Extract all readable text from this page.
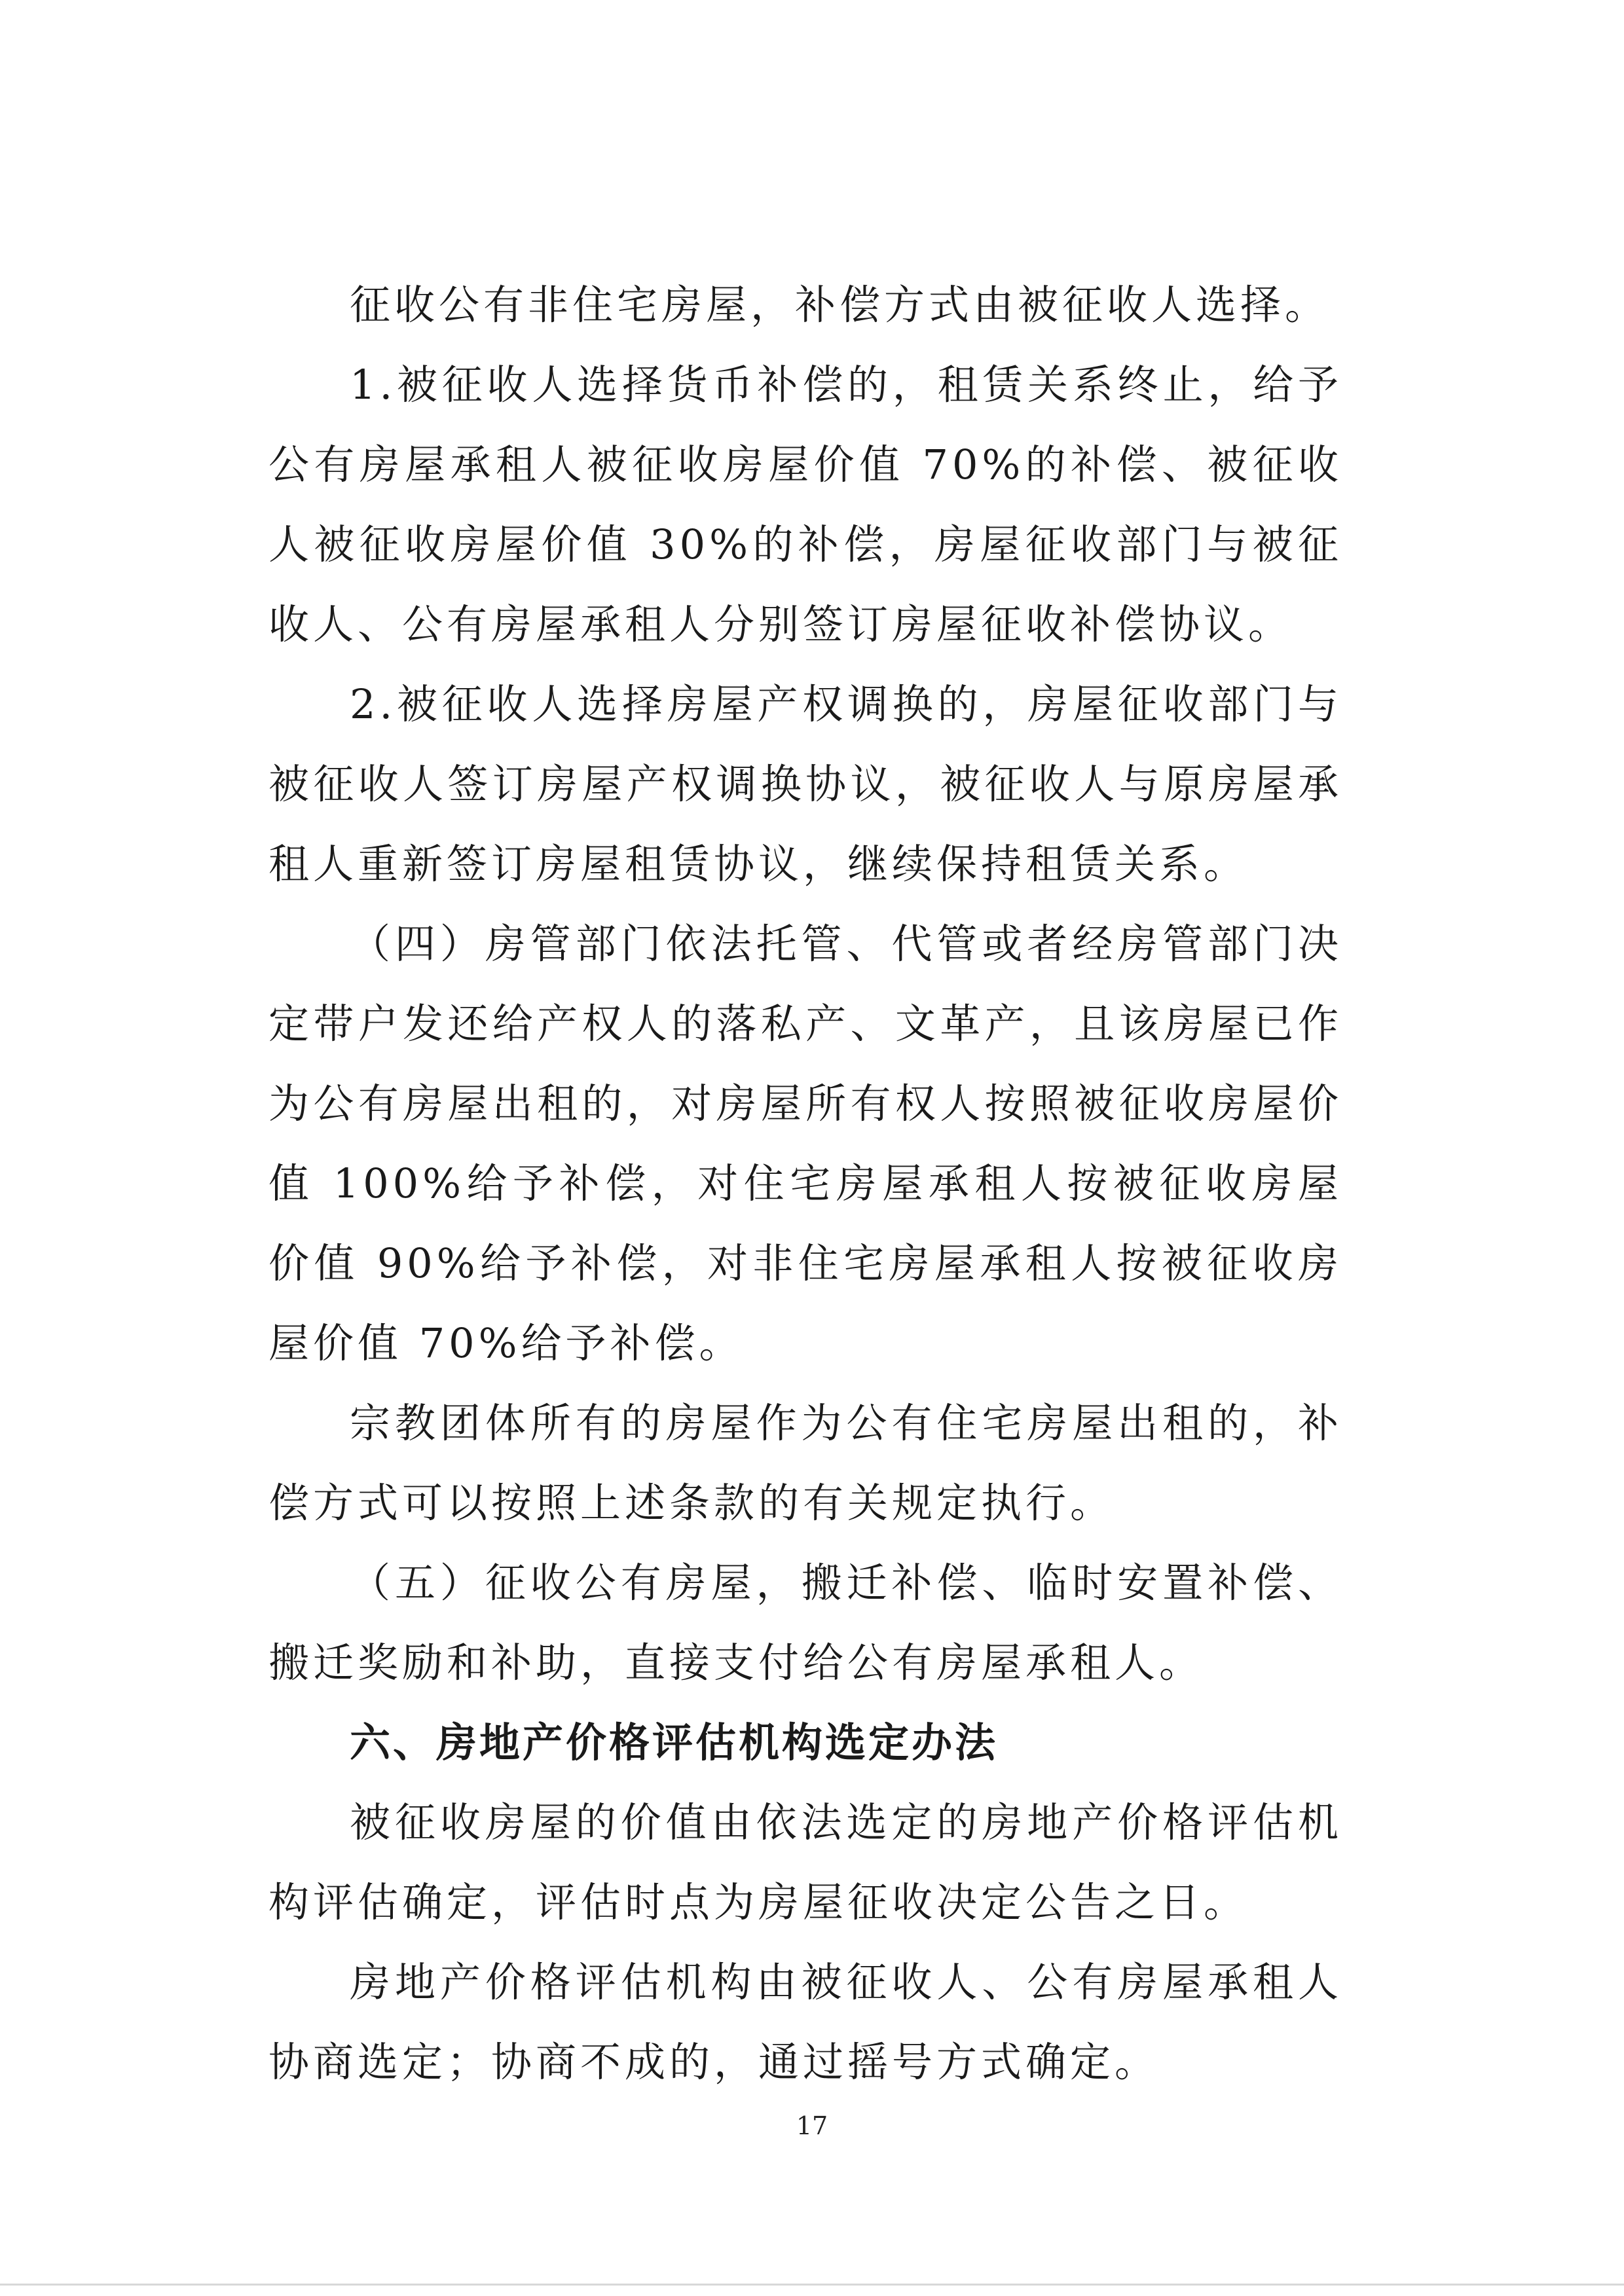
征收公有非住宅房屋，补偿方式由被征收人选择。

1.被征收人选择货币补偿的，租赁关系终止，给予公有房屋承租人被征收房屋价值 70%的补偿、被征收人被征收房屋价值 30%的补偿，房屋征收部门与被征收人、公有房屋承租人分别签订房屋征收补偿协议。

2.被征收人选择房屋产权调换的，房屋征收部门与被征收人签订房屋产权调换协议，被征收人与原房屋承租人重新签订房屋租赁协议，继续保持租赁关系。

（四）房管部门依法托管、代管或者经房管部门决定带户发还给产权人的落私产、文革产，且该房屋已作为公有房屋出租的，对房屋所有权人按照被征收房屋价值 100%给予补偿，对住宅房屋承租人按被征收房屋价值 90%给予补偿，对非住宅房屋承租人按被征收房屋价值 70%给予补偿。

宗教团体所有的房屋作为公有住宅房屋出租的，补偿方式可以按照上述条款的有关规定执行。

（五）征收公有房屋，搬迁补偿、临时安置补偿、搬迁奖励和补助，直接支付给公有房屋承租人。

六、房地产价格评估机构选定办法

被征收房屋的价值由依法选定的房地产价格评估机构评估确定，评估时点为房屋征收决定公告之日。

房地产价格评估机构由被征收人、公有房屋承租人协商选定；协商不成的，通过摇号方式确定。

17
